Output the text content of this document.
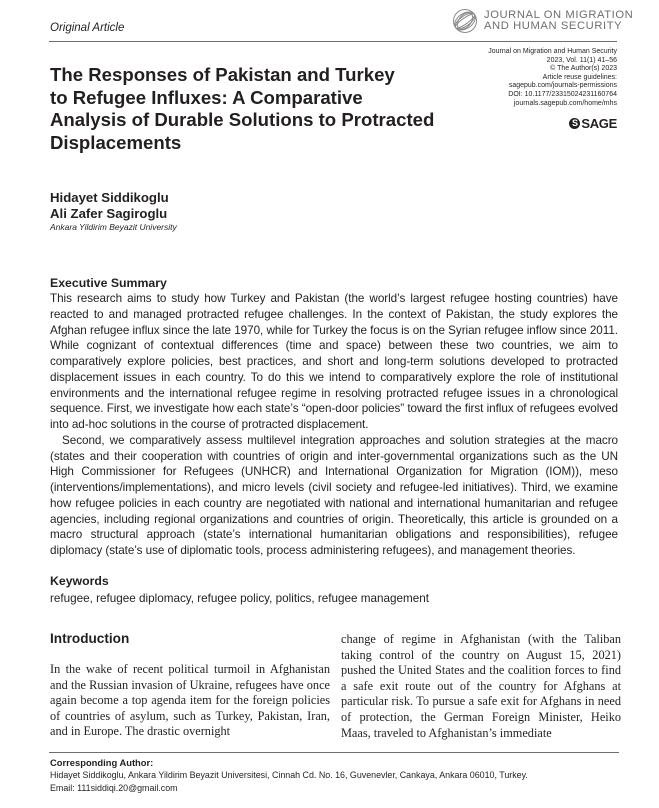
Original Article
JOURNAL ON MIGRATION
AND HUMAN SECURITY
Journal on Migration and Human Security
2023, Vol. 11(1) 41–56
© The Author(s) 2023
Article reuse guidelines:
sagepub.com/journals-permissions
DOI: 10.1177/23315024231160764
journals.sagepub.com/home/mhs
S SAGE
The Responses of Pakistan and Turkey
to Refugee Influxes: A Comparative
Analysis of Durable Solutions to Protracted
Displacements
Hidayet Siddikoglu
Ali Zafer Sagiroglu
Ankara Yildirim Beyazit University
Executive Summary

This research aims to study how Turkey and Pakistan (the world’s largest refugee hosting countries) have reacted to and managed protracted refugee challenges. In the context of Pakistan, the study explores the Afghan refugee influx since the late 1970, while for Turkey the focus is on the Syrian refugee inflow since 2011. While cognizant of contextual differences (time and space) between these two countries, we aim to comparatively explore policies, best practices, and short and long-term solutions developed to protracted displacement issues in each country. To do this we intend to comparatively explore the role of institutional environments and the international refugee regime in resolving protracted refugee issues in a chronological sequence. First, we investigate how each state’s “open-door policies” toward the first influx of refugees evolved into ad-hoc solutions in the course of protracted displacement.

Second, we comparatively assess multilevel integration approaches and solution strategies at the macro (states and their cooperation with countries of origin and inter-governmental organizations such as the UN High Commissioner for Refugees (UNHCR) and International Organization for Migration (IOM)), meso (interventions/implementations), and micro levels (civil society and refugee-led initiatives). Third, we examine how refugee policies in each country are negotiated with national and international humanitarian and refugee agencies, including regional organizations and countries of origin. Theoretically, this article is grounded on a macro structural approach (state’s international humanitarian obligations and responsibilities), refugee diplomacy (state’s use of diplomatic tools, process administering refugees), and management theories.

Keywords
refugee, refugee diplomacy, refugee policy, politics, refugee management
Introduction

In the wake of recent political turmoil in Afghanistan and the Russian invasion of Ukraine, refugees have once again become a top agenda item for the foreign policies of countries of asylum, such as Turkey, Pakistan, Iran, and in Europe. The drastic overnight

change of regime in Afghanistan (with the Taliban taking control of the country on August 15, 2021) pushed the United States and the coalition forces to find a safe exit route out of the country for Afghans at particular risk. To pursue a safe exit for Afghans in need of protection, the German Foreign Minister, Heiko Maas, traveled to Afghanistan’s immediate

Corresponding Author:
Hidayet Siddikoglu, Ankara Yildirim Beyazit Universitesi, Cinnah Cd. No. 16, Guvenevler, Cankaya, Ankara 06010, Turkey.
Email: 111siddiqi.20@gmail.com
